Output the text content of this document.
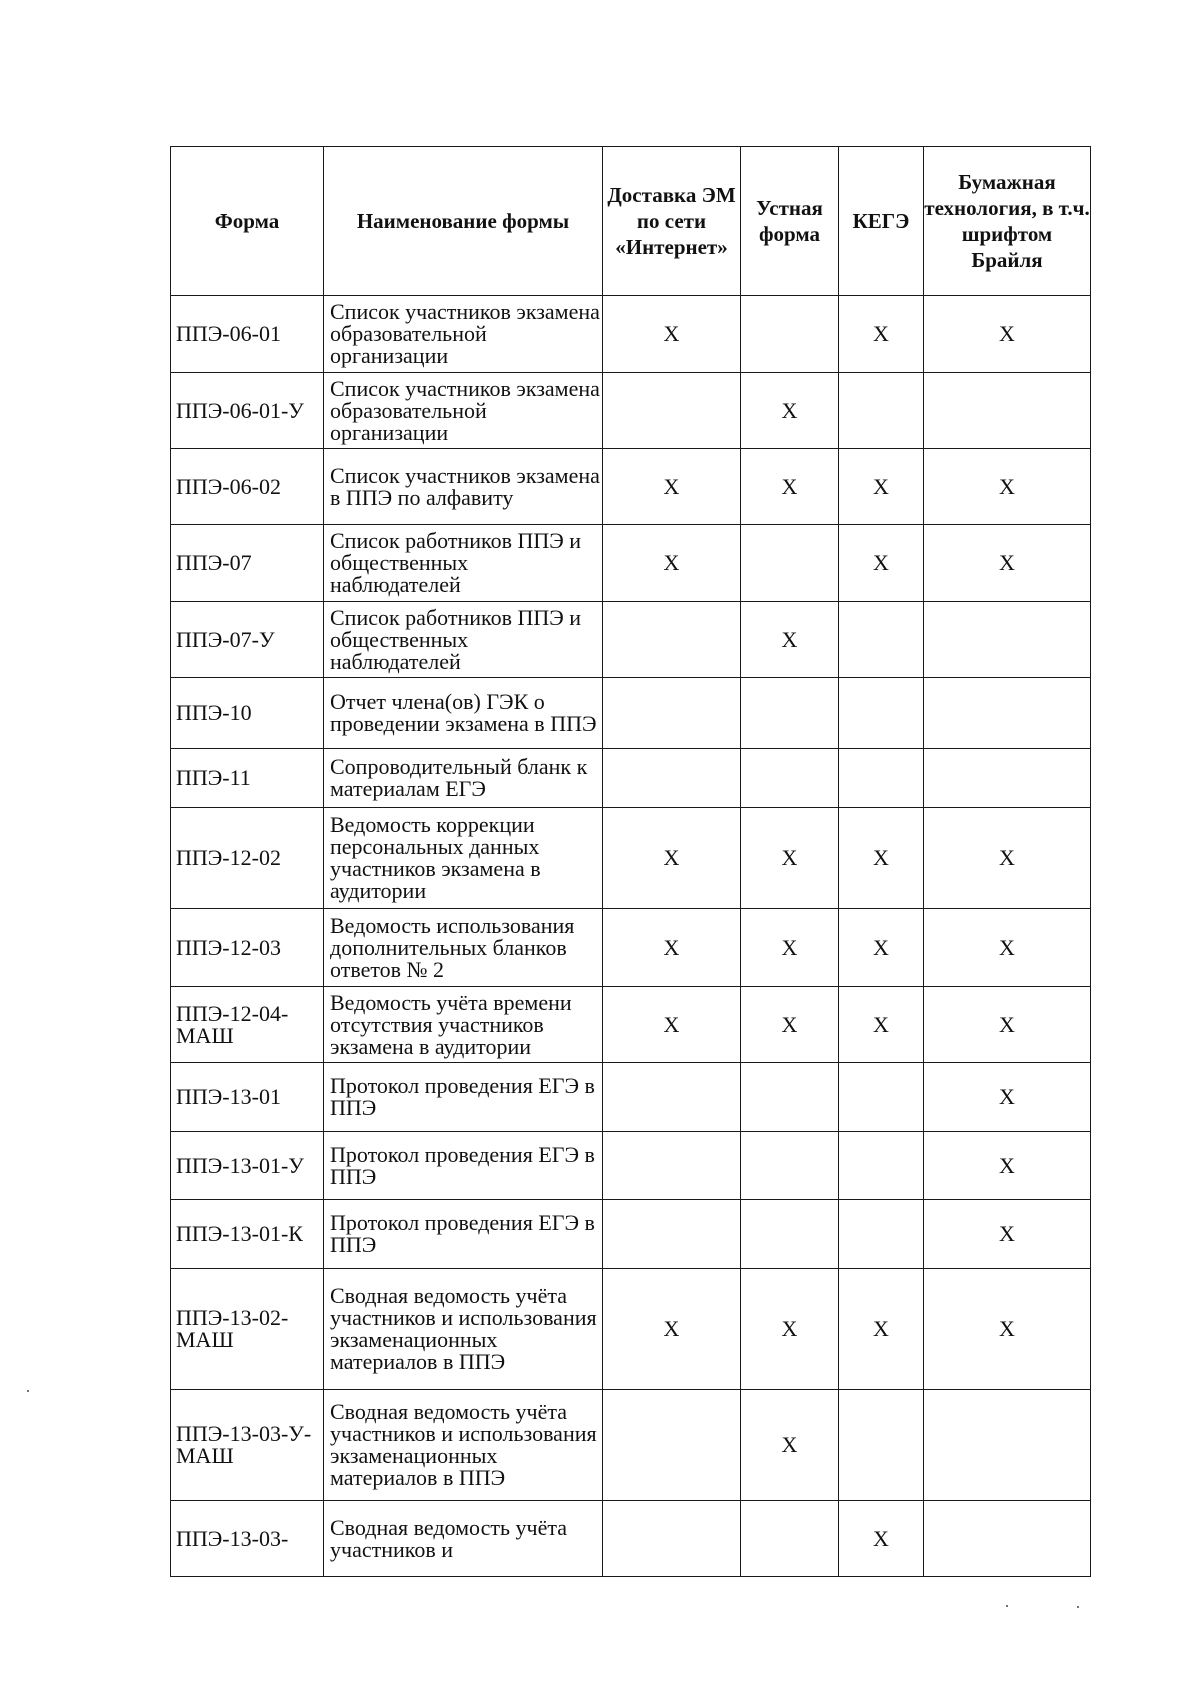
Форма	Наименование формы	Доставка ЭМ по сети «Интернет»	Устная форма	КЕГЭ	Бумажная технология, в т.ч. шрифтом Брайля
ППЭ-06-01	Список участников экзамена образовательной организации	X		X	X
ППЭ-06-01-У	Список участников экзамена образовательной организации		X		
ППЭ-06-02	Список участников экзамена в ППЭ по алфавиту	X	X	X	X
ППЭ-07	Список работников ППЭ и общественных наблюдателей	X		X	X
ППЭ-07-У	Список работников ППЭ и общественных наблюдателей		X		
ППЭ-10	Отчет члена(ов) ГЭК о проведении экзамена в ППЭ				
ППЭ-11	Сопроводительный бланк к материалам ЕГЭ				
ППЭ-12-02	Ведомость коррекции персональных данных участников экзамена в аудитории	X	X	X	X
ППЭ-12-03	Ведомость использования дополнительных бланков ответов № 2	X	X	X	X
ППЭ-12-04-МАШ	Ведомость учёта времени отсутствия участников экзамена в аудитории	X	X	X	X
ППЭ-13-01	Протокол проведения ЕГЭ в ППЭ				X
ППЭ-13-01-У	Протокол проведения ЕГЭ в ППЭ				X
ППЭ-13-01-К	Протокол проведения ЕГЭ в ППЭ				X
ППЭ-13-02-МАШ	Сводная ведомость учёта участников и использования экзаменационных материалов в ППЭ	X	X	X	X
ППЭ-13-03-У- МАШ	Сводная ведомость учёта участников и использования экзаменационных материалов в ППЭ		X		
ППЭ-13-03-	Сводная ведомость учёта участников и			X	
